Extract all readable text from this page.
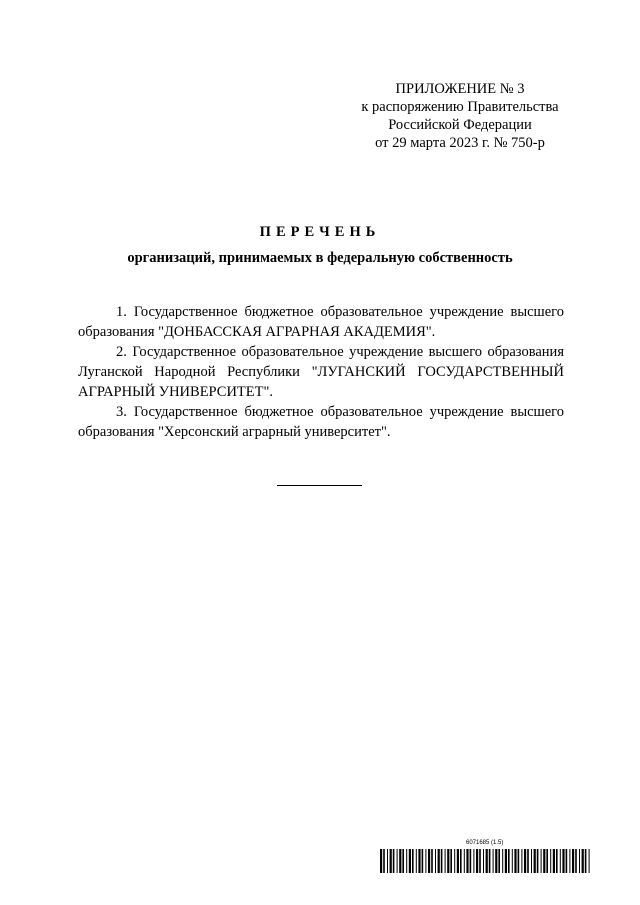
ПРИЛОЖЕНИЕ № 3
к распоряжению Правительства
Российской Федерации
от 29 марта 2023 г. № 750-р
ПЕРЕЧЕНЬ
организаций, принимаемых в федеральную собственность
1. Государственное бюджетное образовательное учреждение высшего образования "ДОНБАССКАЯ АГРАРНАЯ АКАДЕМИЯ".
2. Государственное образовательное учреждение высшего образования Луганской Народной Республики "ЛУГАНСКИЙ ГОСУДАРСТВЕННЫЙ АГРАРНЫЙ УНИВЕРСИТЕТ".
3. Государственное бюджетное образовательное учреждение высшего образования "Херсонский аграрный университет".
6071685 (1.5)
